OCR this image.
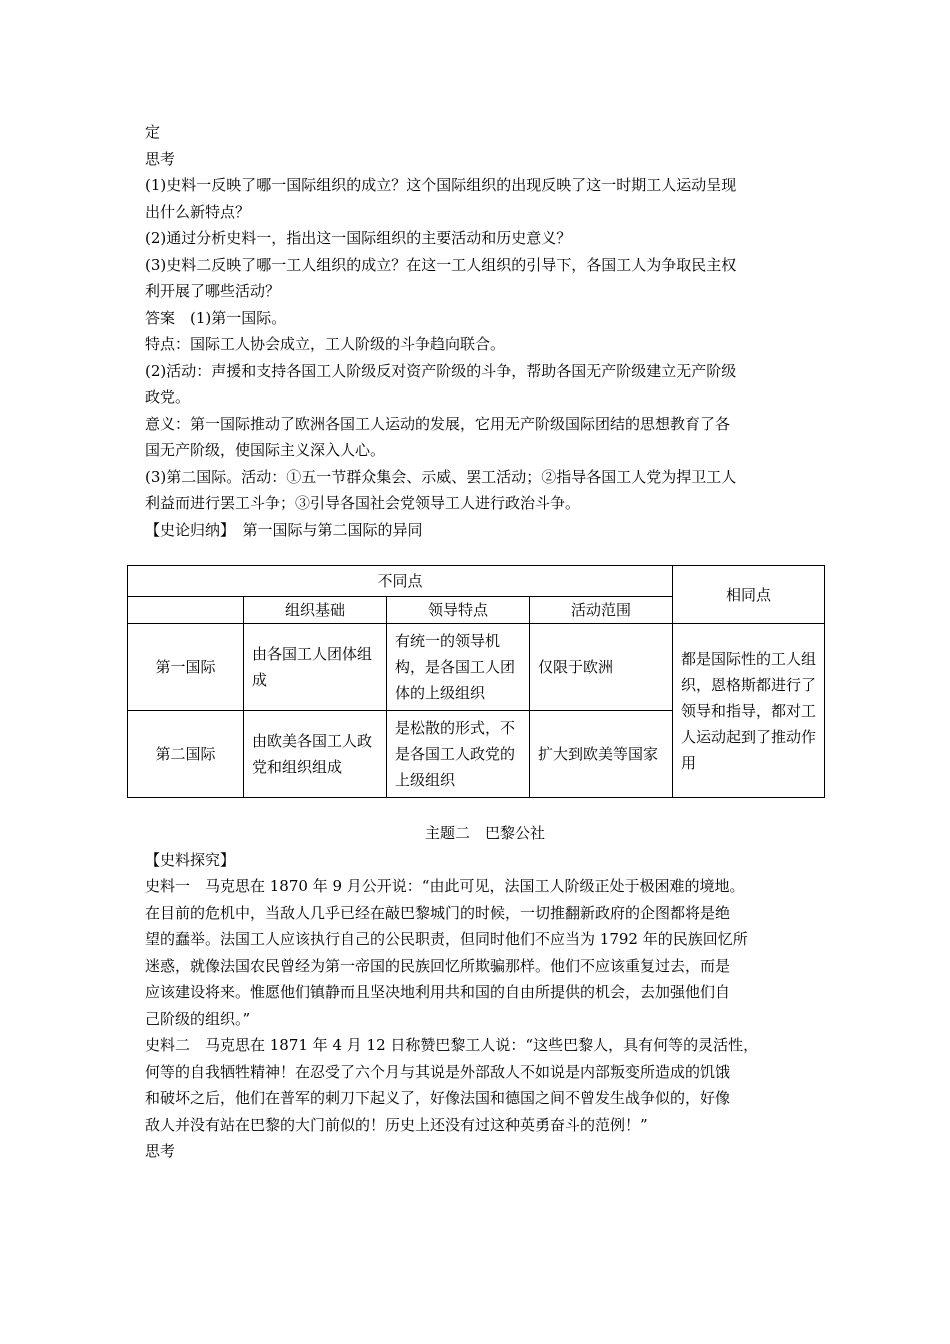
定
思考
(1)史料一反映了哪一国际组织的成立？这个国际组织的出现反映了这一时期工人运动呈现
出什么新特点？
(2)通过分析史料一，指出这一国际组织的主要活动和历史意义？
(3)史料二反映了哪一工人组织的成立？在这一工人组织的引导下，各国工人为争取民主权
利开展了哪些活动？
答案　(1)第一国际。
特点：国际工人协会成立，工人阶级的斗争趋向联合。
(2)活动：声援和支持各国工人阶级反对资产阶级的斗争，帮助各国无产阶级建立无产阶级
政党。
意义：第一国际推动了欧洲各国工人运动的发展，它用无产阶级国际团结的思想教育了各
国无产阶级，使国际主义深入人心。
(3)第二国际。活动：①五一节群众集会、示威、罢工活动；②指导各国工人党为捍卫工人
利益而进行罢工斗争；③引导各国社会党领导工人进行政治斗争。
【史论归纳】　第一国际与第二国际的异同
不同点				相同点
	组织基础	领导特点	活动范围	
第一国际	由各国工人团体组成	有统一的领导机构，是各国工人团体的上级组织	仅限于欧洲	都是国际性的工人组织，恩格斯都进行了领导和指导，都对工人运动起到了推动作用
第二国际	由欧美各国工人政党和组织组成	是松散的形式，不是各国工人政党的上级组织	扩大到欧美等国家	
主题二　巴黎公社
【史料探究】
史料一　马克思在 1870 年 9 月公开说：“由此可见，法国工人阶级正处于极困难的境地。
在目前的危机中，当敌人几乎已经在敲巴黎城门的时候，一切推翻新政府的企图都将是绝
望的蠢举。法国工人应该执行自己的公民职责，但同时他们不应当为 1792 年的民族回忆所
迷惑，就像法国农民曾经为第一帝国的民族回忆所欺骗那样。他们不应该重复过去，而是
应该建设将来。惟愿他们镇静而且坚决地利用共和国的自由所提供的机会，去加强他们自
己阶级的组织。”
史料二　马克思在 1871 年 4 月 12 日称赞巴黎工人说：“这些巴黎人，具有何等的灵活性，
何等的自我牺牲精神！在忍受了六个月与其说是外部敌人不如说是内部叛变所造成的饥饿
和破坏之后，他们在普军的刺刀下起义了，好像法国和德国之间不曾发生战争似的，好像
敌人并没有站在巴黎的大门前似的！历史上还没有过这种英勇奋斗的范例！”
思考
